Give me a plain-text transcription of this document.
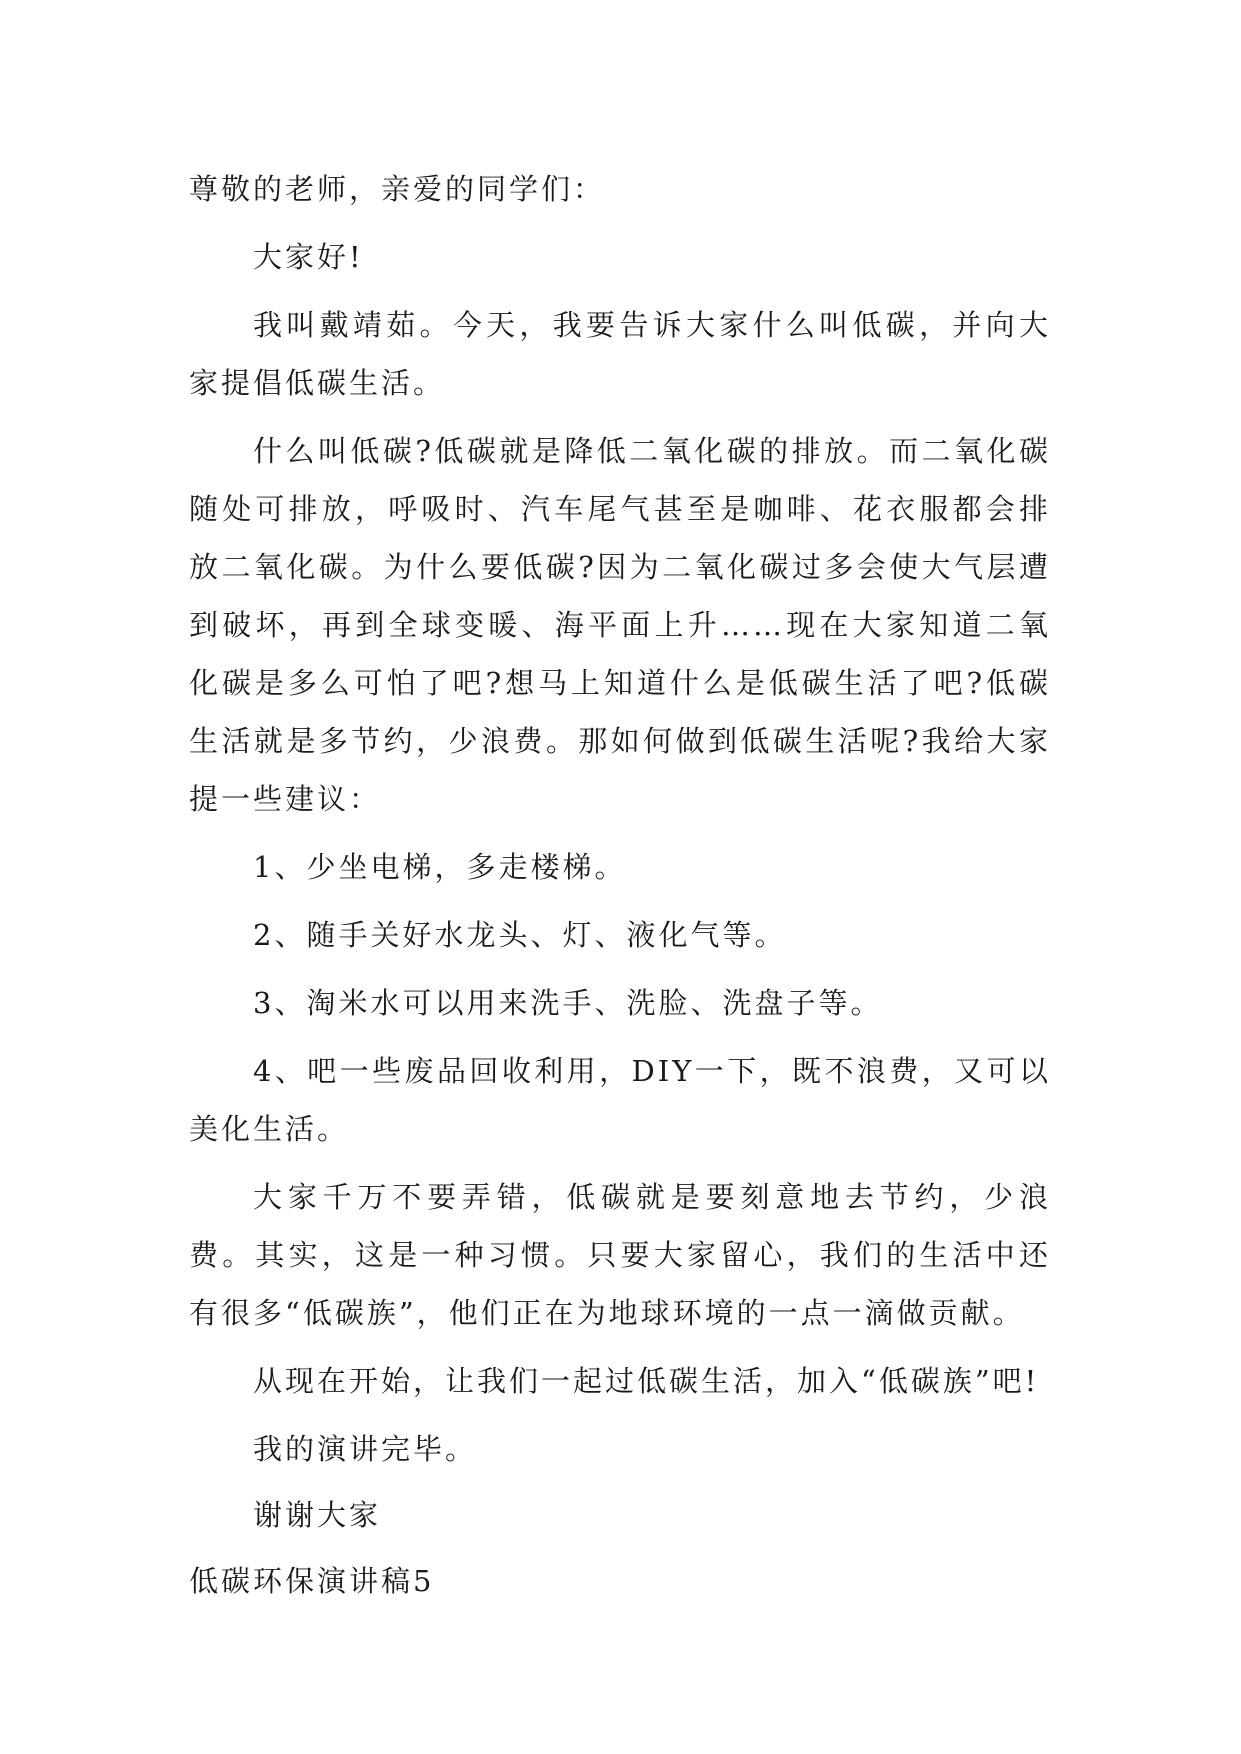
尊敬的老师，亲爱的同学们：

大家好!

我叫戴靖茹。今天，我要告诉大家什么叫低碳，并向大家提倡低碳生活。

什么叫低碳?低碳就是降低二氧化碳的排放。而二氧化碳随处可排放，呼吸时、汽车尾气甚至是咖啡、花衣服都会排放二氧化碳。为什么要低碳?因为二氧化碳过多会使大气层遭到破坏，再到全球变暖、海平面上升……现在大家知道二氧化碳是多么可怕了吧?想马上知道什么是低碳生活了吧?低碳生活就是多节约，少浪费。那如何做到低碳生活呢?我给大家提一些建议：

1、少坐电梯，多走楼梯。

2、随手关好水龙头、灯、液化气等。

3、淘米水可以用来洗手、洗脸、洗盘子等。

4、吧一些废品回收利用，DIY一下，既不浪费，又可以美化生活。

大家千万不要弄错，低碳就是要刻意地去节约，少浪费。其实，这是一种习惯。只要大家留心，我们的生活中还有很多“低碳族”，他们正在为地球环境的一点一滴做贡献。

从现在开始，让我们一起过低碳生活，加入“低碳族”吧!

我的演讲完毕。

谢谢大家

低碳环保演讲稿5
